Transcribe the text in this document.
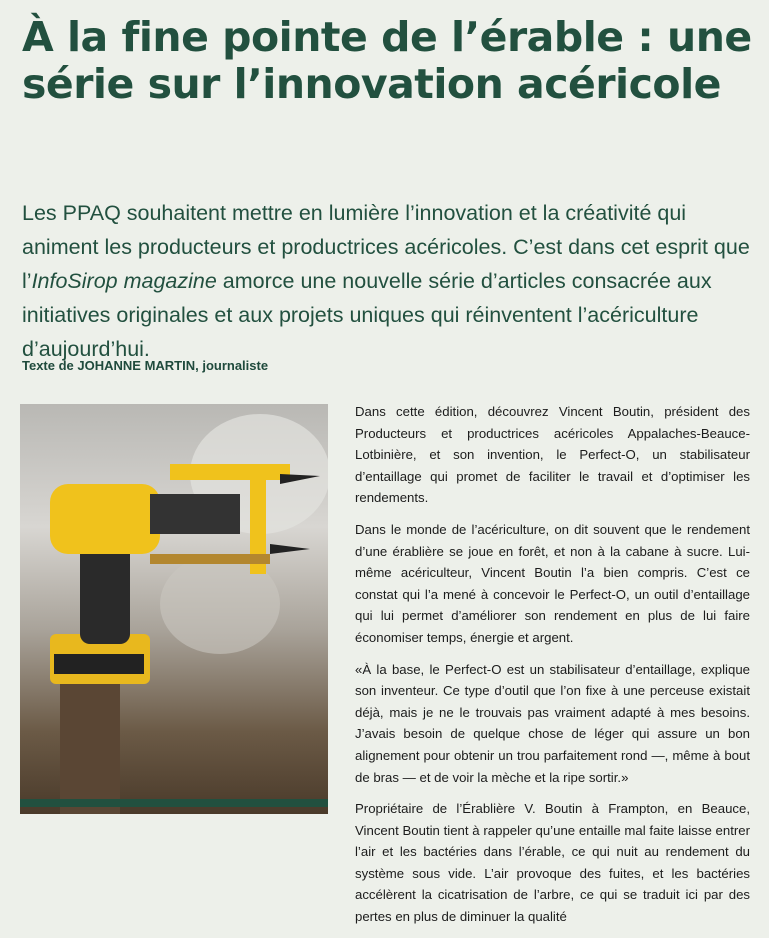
À la fine pointe de l’érable : une série sur l’innovation acéricole

Les PPAQ souhaitent mettre en lumière l’innovation et la créativité qui animent les producteurs et productrices acéricoles. C’est dans cet esprit que l’InfoSirop magazine amorce une nouvelle série d’articles consacrée aux initiatives originales et aux projets uniques qui réinventent l’acériculture d’aujourd’hui.

Texte de JOHANNE MARTIN, journaliste

Dans cette édition, découvrez Vincent Boutin, président des Producteurs et productrices acéricoles Appalaches-Beauce-Lotbinière, et son invention, le Perfect-O, un stabilisateur d’entaillage qui promet de faciliter le travail et d’optimiser les rendements.

Dans le monde de l’acériculture, on dit souvent que le rendement d’une érablière se joue en forêt, et non à la cabane à sucre. Lui-même acériculteur, Vincent Boutin l’a bien compris. C’est ce constat qui l’a mené à concevoir le Perfect-O, un outil d’entaillage qui lui permet d’améliorer son rendement en plus de lui faire économiser temps, énergie et argent.

«À la base, le Perfect-O est un stabilisateur d’entaillage, explique son inventeur. Ce type d’outil que l’on fixe à une perceuse existait déjà, mais je ne le trouvais pas vraiment adapté à mes besoins. J’avais besoin de quelque chose de léger qui assure un bon alignement pour obtenir un trou parfaitement rond —, même à bout de bras — et de voir la mèche et la ripe sortir.»

Propriétaire de l’Érablière V. Boutin à Frampton, en Beauce, Vincent Boutin tient à rappeler qu’une entaille mal faite laisse entrer l’air et les bactéries dans l’érable, ce qui nuit au rendement du système sous vide. L’air provoque des fuites, et les bactéries accélèrent la cicatrisation de l’arbre, ce qui se traduit ici par des pertes en plus de diminuer la qualité
